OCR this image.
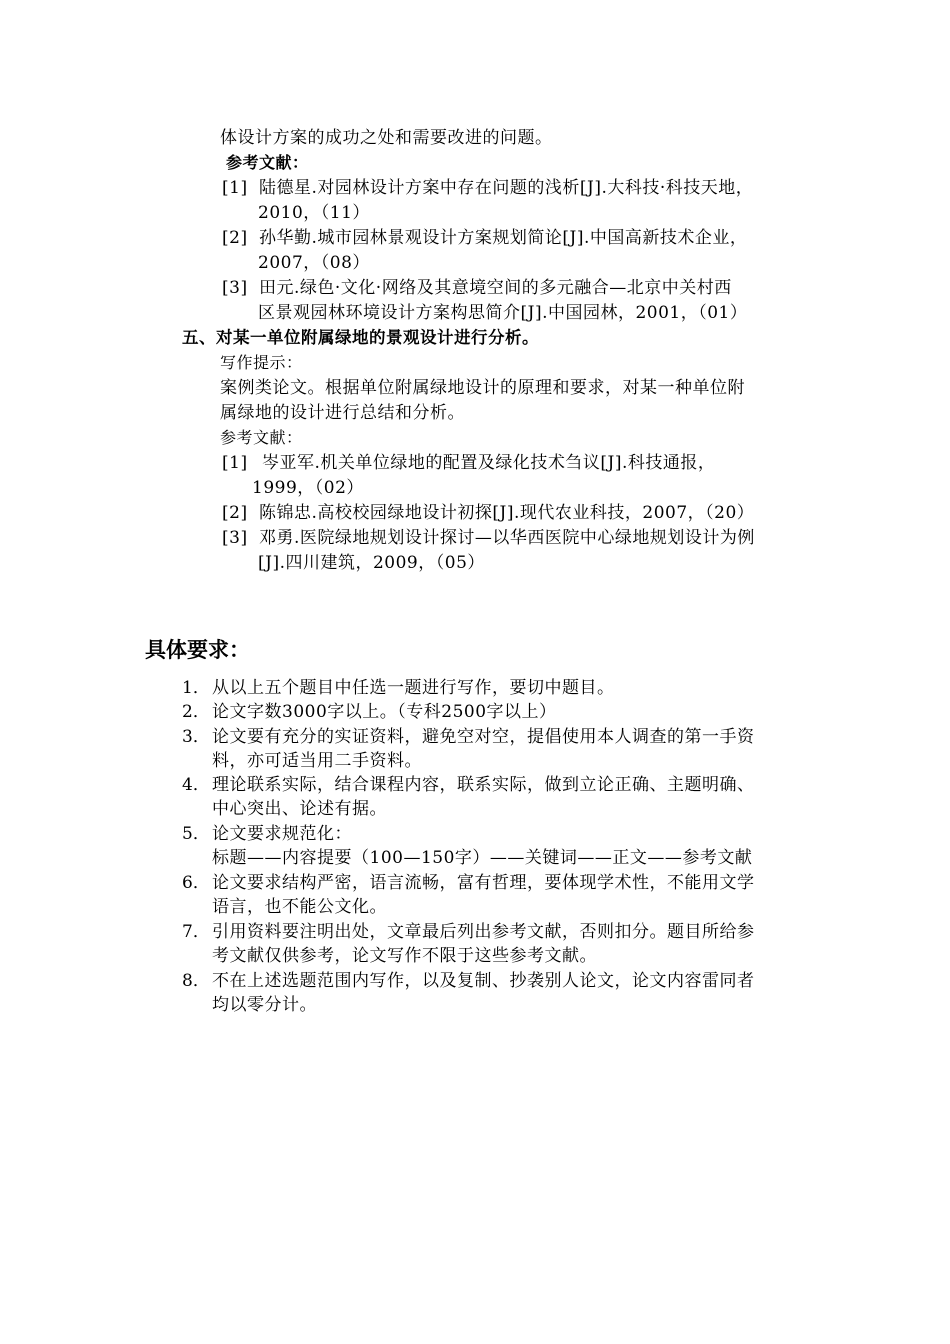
体设计方案的成功之处和需要改进的问题。
参考文献：
[1] 陆德星.对园林设计方案中存在问题的浅析[J].大科技·科技天地，
2010，（11）
[2] 孙华勤.城市园林景观设计方案规划简论[J].中国高新技术企业，
2007，（08）
[3] 田元.绿色·文化·网络及其意境空间的多元融合—北京中关村西
区景观园林环境设计方案构思简介[J].中国园林，2001，（01）
五、对某一单位附属绿地的景观设计进行分析。
写作提示：
案例类论文。根据单位附属绿地设计的原理和要求，对某一种单位附
属绿地的设计进行总结和分析。
参考文献：
[1] 岑亚军.机关单位绿地的配置及绿化技术刍议[J].科技通报，
1999，（02）
[2] 陈锦忠.高校校园绿地设计初探[J].现代农业科技，2007，（20）
[3] 邓勇.医院绿地规划设计探讨—以华西医院中心绿地规划设计为例
[J].四川建筑，2009，（05）
具体要求：
1． 从以上五个题目中任选一题进行写作，要切中题目。
2． 论文字数3000字以上。（专科2500字以上）
3． 论文要有充分的实证资料，避免空对空，提倡使用本人调查的第一手资
料，亦可适当用二手资料。
4． 理论联系实际，结合课程内容，联系实际，做到立论正确、主题明确、
中心突出、论述有据。
5． 论文要求规范化：
标题——内容提要（100—150字）——关键词——正文——参考文献
6． 论文要求结构严密，语言流畅，富有哲理，要体现学术性，不能用文学
语言，也不能公文化。
7． 引用资料要注明出处，文章最后列出参考文献，否则扣分。题目所给参
考文献仅供参考，论文写作不限于这些参考文献。
8． 不在上述选题范围内写作，以及复制、抄袭别人论文，论文内容雷同者
均以零分计。
